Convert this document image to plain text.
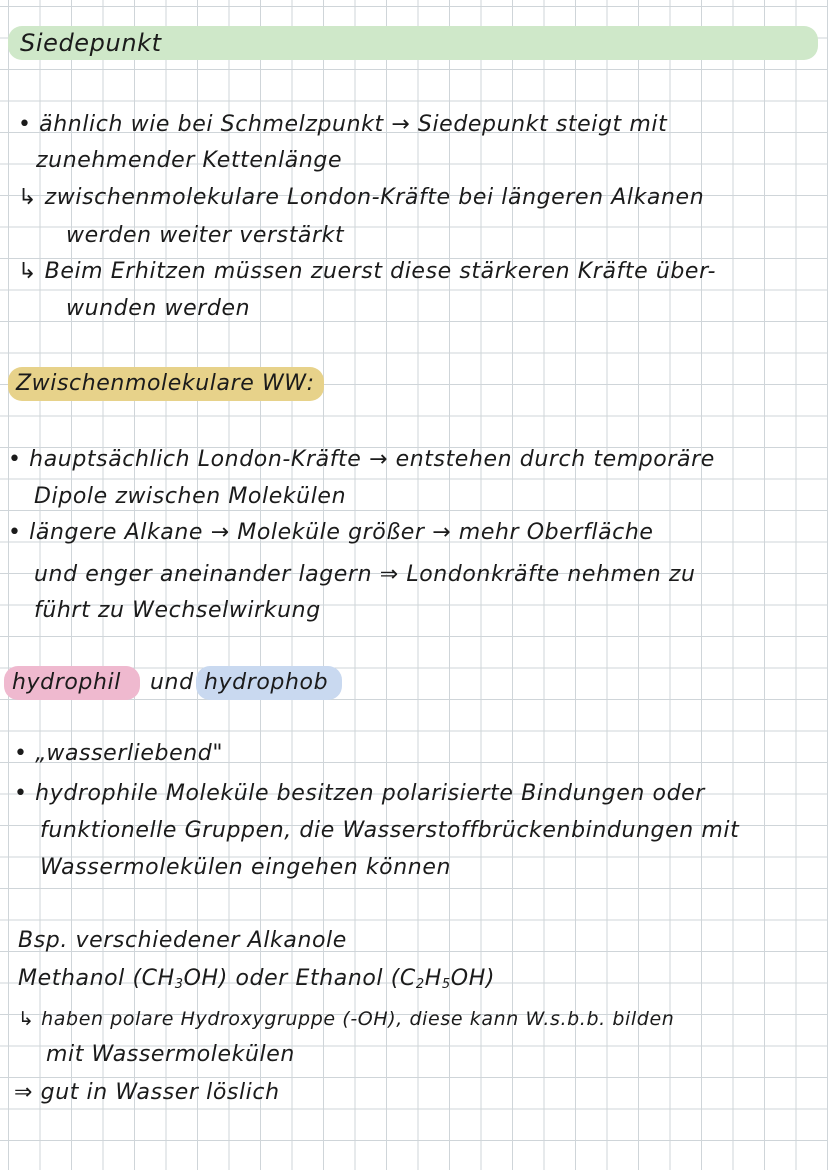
Siedepunkt
• ähnlich wie bei Schmelzpunkt → Siedepunkt steigt mit
zunehmender Kettenlänge
↳ zwischenmolekulare London-Kräfte bei längeren Alkanen
werden weiter verstärkt
↳ Beim Erhitzen müssen zuerst diese stärkeren Kräfte über-
wunden werden
Zwischenmolekulare WW:
• hauptsächlich London-Kräfte → entstehen durch temporäre
Dipole zwischen Molekülen
• längere Alkane → Moleküle größer → mehr Oberfläche
und enger aneinander lagern ⇒ Londonkräfte nehmen zu
führt zu Wechselwirkung
hydrophil und hydrophob
• „wasserliebend"
• hydrophile Moleküle besitzen polarisierte Bindungen oder
funktionelle Gruppen, die Wasserstoffbrückenbindungen mit
Wassermolekülen eingehen können
Bsp. verschiedener Alkanole
Methanol $(CH_3OH)$ oder Ethanol $(C_2H_5OH)$
↳ haben polare Hydroxygruppe (-OH), diese kann W.s.b.b. bilden
mit Wassermolekülen
⇒ gut in Wasser löslich
